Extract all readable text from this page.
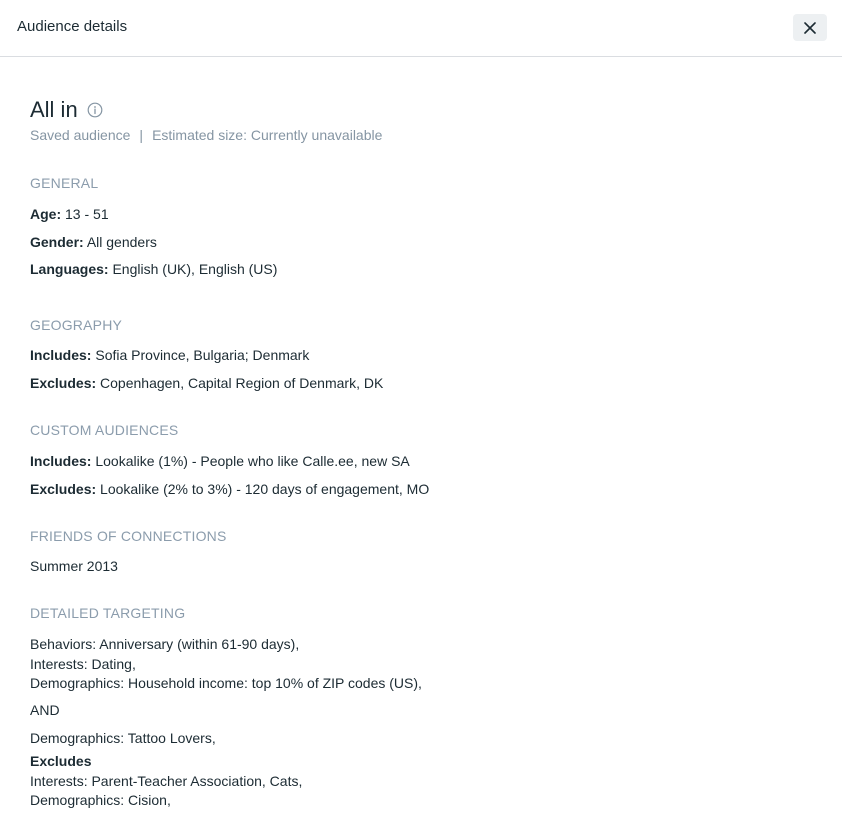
Audience details
All in
Saved audience | Estimated size: Currently unavailable
GENERAL
Age: 13 - 51
Gender: All genders
Languages: English (UK), English (US)
GEOGRAPHY
Includes: Sofia Province, Bulgaria; Denmark
Excludes: Copenhagen, Capital Region of Denmark, DK
CUSTOM AUDIENCES
Includes: Lookalike (1%) - People who like Calle.ee, new SA
Excludes: Lookalike (2% to 3%) - 120 days of engagement, MO
FRIENDS OF CONNECTIONS
Summer 2013
DETAILED TARGETING
Behaviors: Anniversary (within 61-90 days),
Interests: Dating,
Demographics: Household income: top 10% of ZIP codes (US),
AND
Demographics: Tattoo Lovers,
Excludes
Interests: Parent-Teacher Association, Cats,
Demographics: Cision,
